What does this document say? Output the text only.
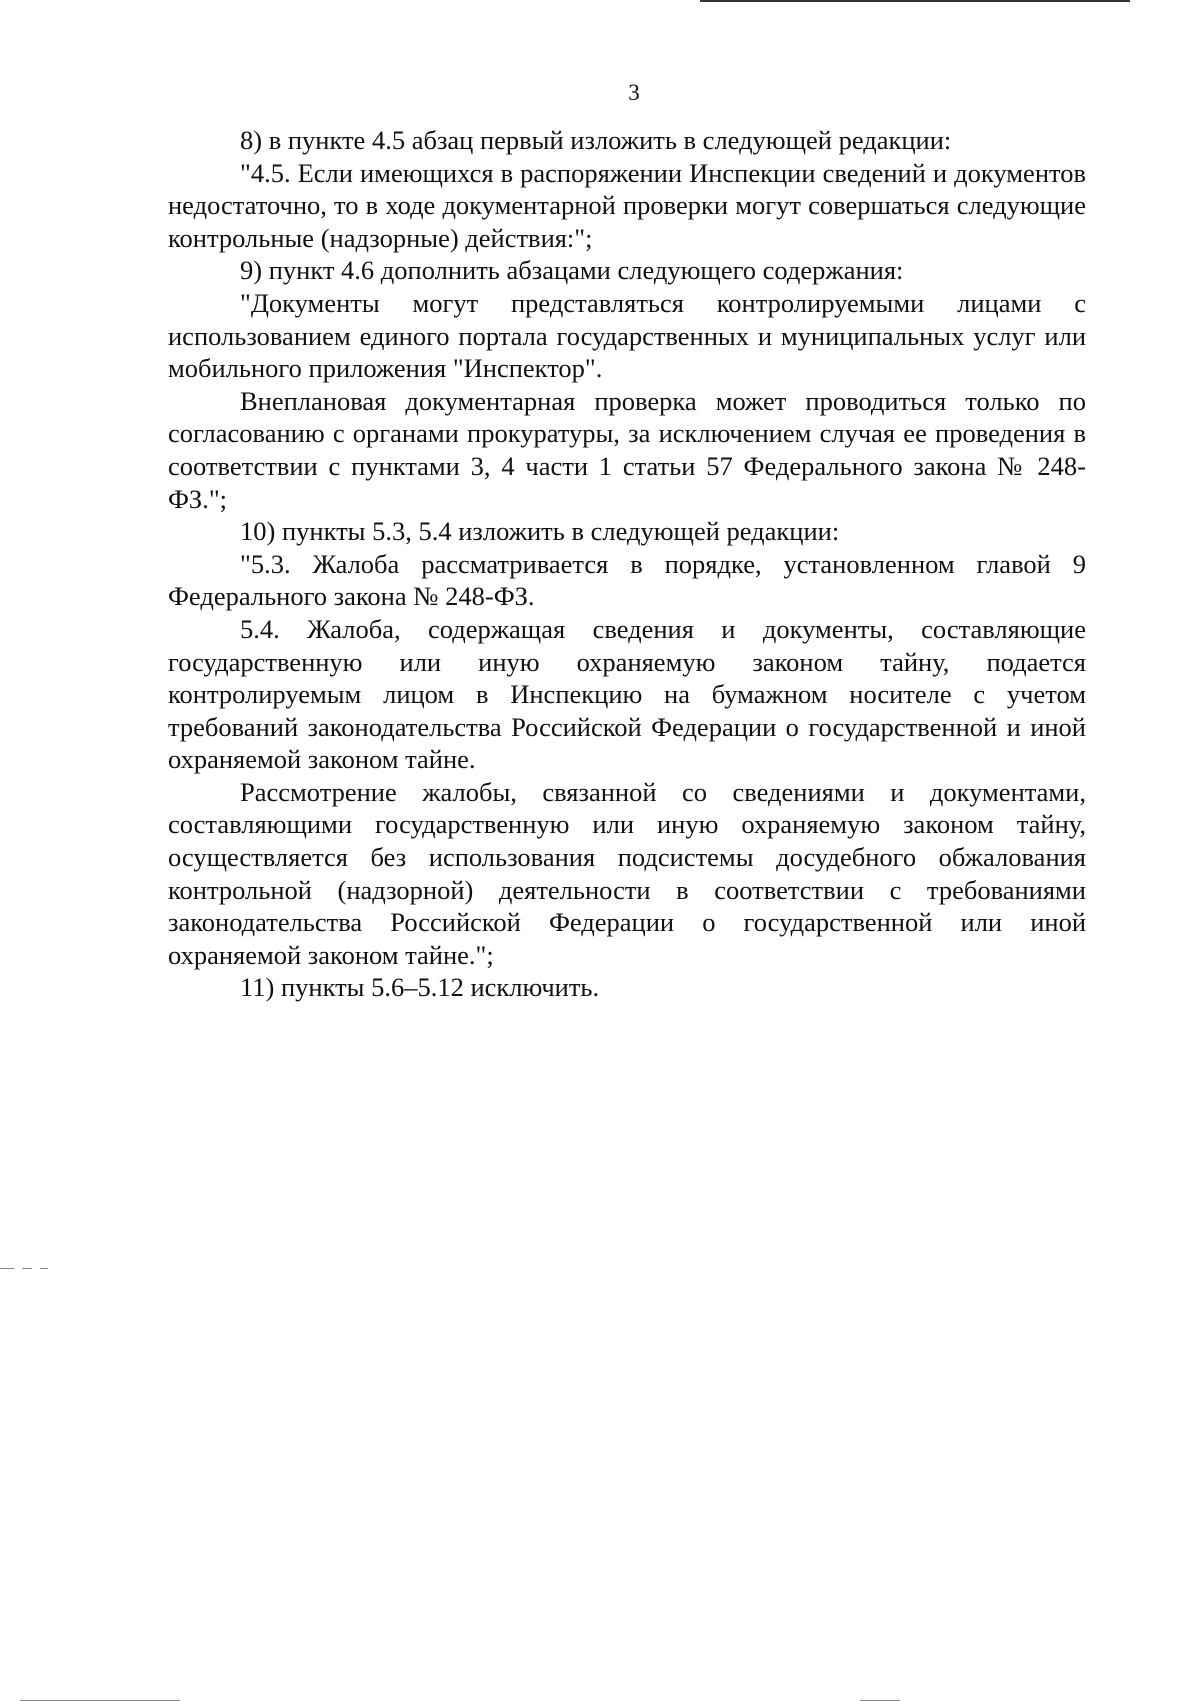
3

8) в пункте 4.5 абзац первый изложить в следующей редакции:

"4.5. Если имеющихся в распоряжении Инспекции сведений и документов недостаточно, то в ходе документарной проверки могут совершаться следующие контрольные (надзорные) действия:";

9) пункт 4.6 дополнить абзацами следующего содержания:

"Документы могут представляться контролируемыми лицами с использованием единого портала государственных и муниципальных услуг или мобильного приложения "Инспектор".

Внеплановая документарная проверка может проводиться только по согласованию с органами прокуратуры, за исключением случая ее проведения в соответствии с пунктами 3, 4 части 1 статьи 57 Федерального закона № 248-ФЗ.";

10) пункты 5.3, 5.4 изложить в следующей редакции:

"5.3. Жалоба рассматривается в порядке, установленном главой 9 Федерального закона № 248-ФЗ.

5.4. Жалоба, содержащая сведения и документы, составляющие государственную или иную охраняемую законом тайну, подается контролируемым лицом в Инспекцию на бумажном носителе с учетом требований законодательства Российской Федерации о государственной и иной охраняемой законом тайне.

Рассмотрение жалобы, связанной со сведениями и документами, составляющими государственную или иную охраняемую законом тайну, осуществляется без использования подсистемы досудебного обжалования контрольной (надзорной) деятельности в соответствии с требованиями законодательства Российской Федерации о государственной или иной охраняемой законом тайне.";

11) пункты 5.6–5.12 исключить.
